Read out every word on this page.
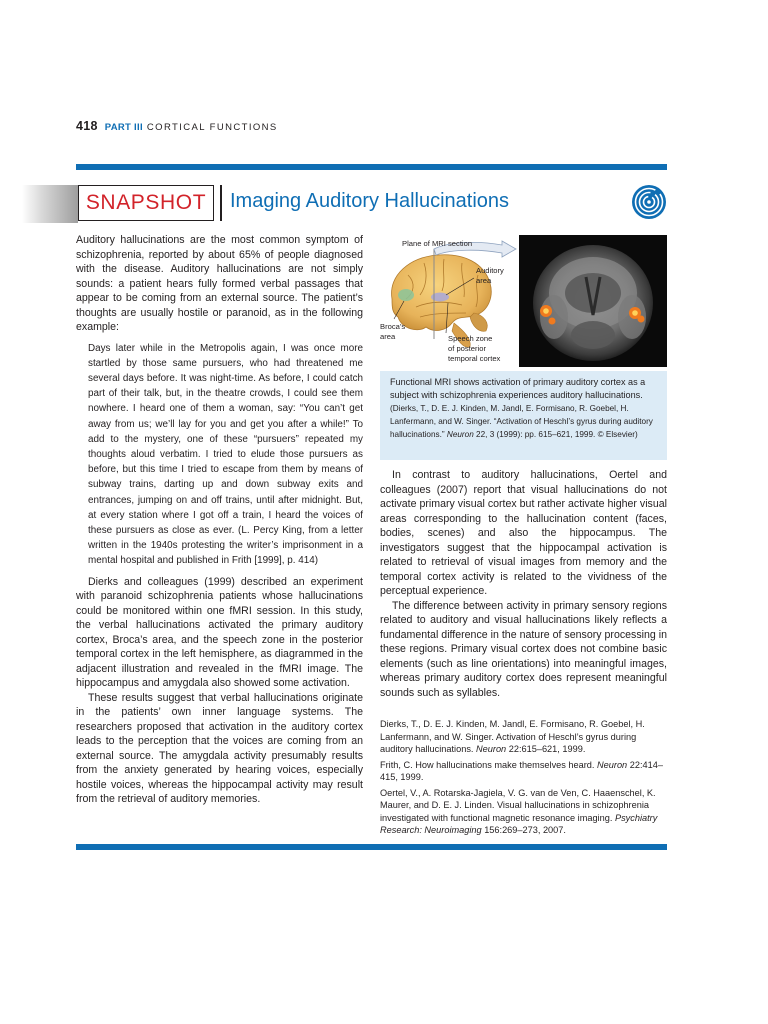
418 PART III CORTICAL FUNCTIONS
SNAPSHOT Imaging Auditory Hallucinations

Auditory hallucinations are the most common symptom of schizophrenia, reported by about 65% of people diagnosed with the disease. Auditory hallucinations are not simply sounds: a patient hears fully formed verbal passages that appear to be coming from an external source. The patient’s thoughts are usually hostile or paranoid, as in the following example:

Days later while in the Metropolis again, I was once more startled by those same pursuers, who had threatened me several days before. It was night-time. As before, I could catch part of their talk, but, in the theatre crowds, I could see them nowhere. I heard one of them a woman, say: “You can’t get away from us; we’ll lay for you and get you after a while!” To add to the mystery, one of these “pursuers” repeated my thoughts aloud verbatim. I tried to elude those pursuers as before, but this time I tried to escape from them by means of subway trains, darting up and down subway exits and entrances, jumping on and off trains, until after midnight. But, at every station where I got off a train, I heard the voices of these pursuers as close as ever. (L. Percy King, from a letter written in the 1940s protesting the writer’s imprisonment in a mental hospital and published in Frith [1999], p. 414)

Dierks and colleagues (1999) described an experiment with paranoid schizophrenia patients whose hallucinations could be monitored within one fMRI session. In this study, the verbal hallucinations activated the primary auditory cortex, Broca’s area, and the speech zone in the posterior temporal cortex in the left hemisphere, as diagrammed in the adjacent illustration and revealed in the fMRI image. The hippocampus and amygdala also showed some activation.

These results suggest that verbal hallucinations originate in the patients’ own inner language systems. The researchers proposed that activation in the auditory cortex leads to the perception that the voices are coming from an external source. The amygdala activity presumably results from the anxiety generated by hearing voices, especially hostile voices, whereas the hippocampal activity may result from the retrieval of auditory memories.

Plane of MRI section
Auditory
area
Broca’s
area	Speech zone
of posterior
temporal cortex
Functional MRI shows activation of primary auditory cortex as a subject with schizophrenia experiences auditory hallucinations. (Dierks, T., D. E. J. Kinden, M. Jandl, E. Formisano, R. Goebel, H. Lanfermann, and W. Singer. “Activation of Heschl’s gyrus during auditory hallucinations.” Neuron 22, 3 (1999): pp. 615–621, 1999. © Elsevier)

In contrast to auditory hallucinations, Oertel and colleagues (2007) report that visual hallucinations do not activate primary visual cortex but rather activate higher visual areas corresponding to the hallucination content (faces, bodies, scenes) and also the hippocampus. The investigators suggest that the hippocampal activation is related to retrieval of visual images from memory and the temporal cortex activity is related to the vividness of the perceptual experience.

The difference between activity in primary sensory regions related to auditory and visual hallucinations likely reflects a fundamental difference in the nature of sensory processing in these regions. Primary visual cortex does not combine basic elements (such as line orientations) into meaningful images, whereas primary auditory cortex does represent meaningful sounds such as syllables.

Dierks, T., D. E. J. Kinden, M. Jandl, E. Formisano, R. Goebel, H. Lanfermann, and W. Singer. Activation of Heschl’s gyrus during auditory hallucinations. Neuron 22:615–621, 1999.

Frith, C. How hallucinations make themselves heard. Neuron 22:414–415, 1999.

Oertel, V., A. Rotarska-Jagiela, V. G. van de Ven, C. Haaenschel, K. Maurer, and D. E. J. Linden. Visual hallucinations in schizophrenia investigated with functional magnetic resonance imaging. Psychiatry Research: Neuroimaging 156:269–273, 2007.
